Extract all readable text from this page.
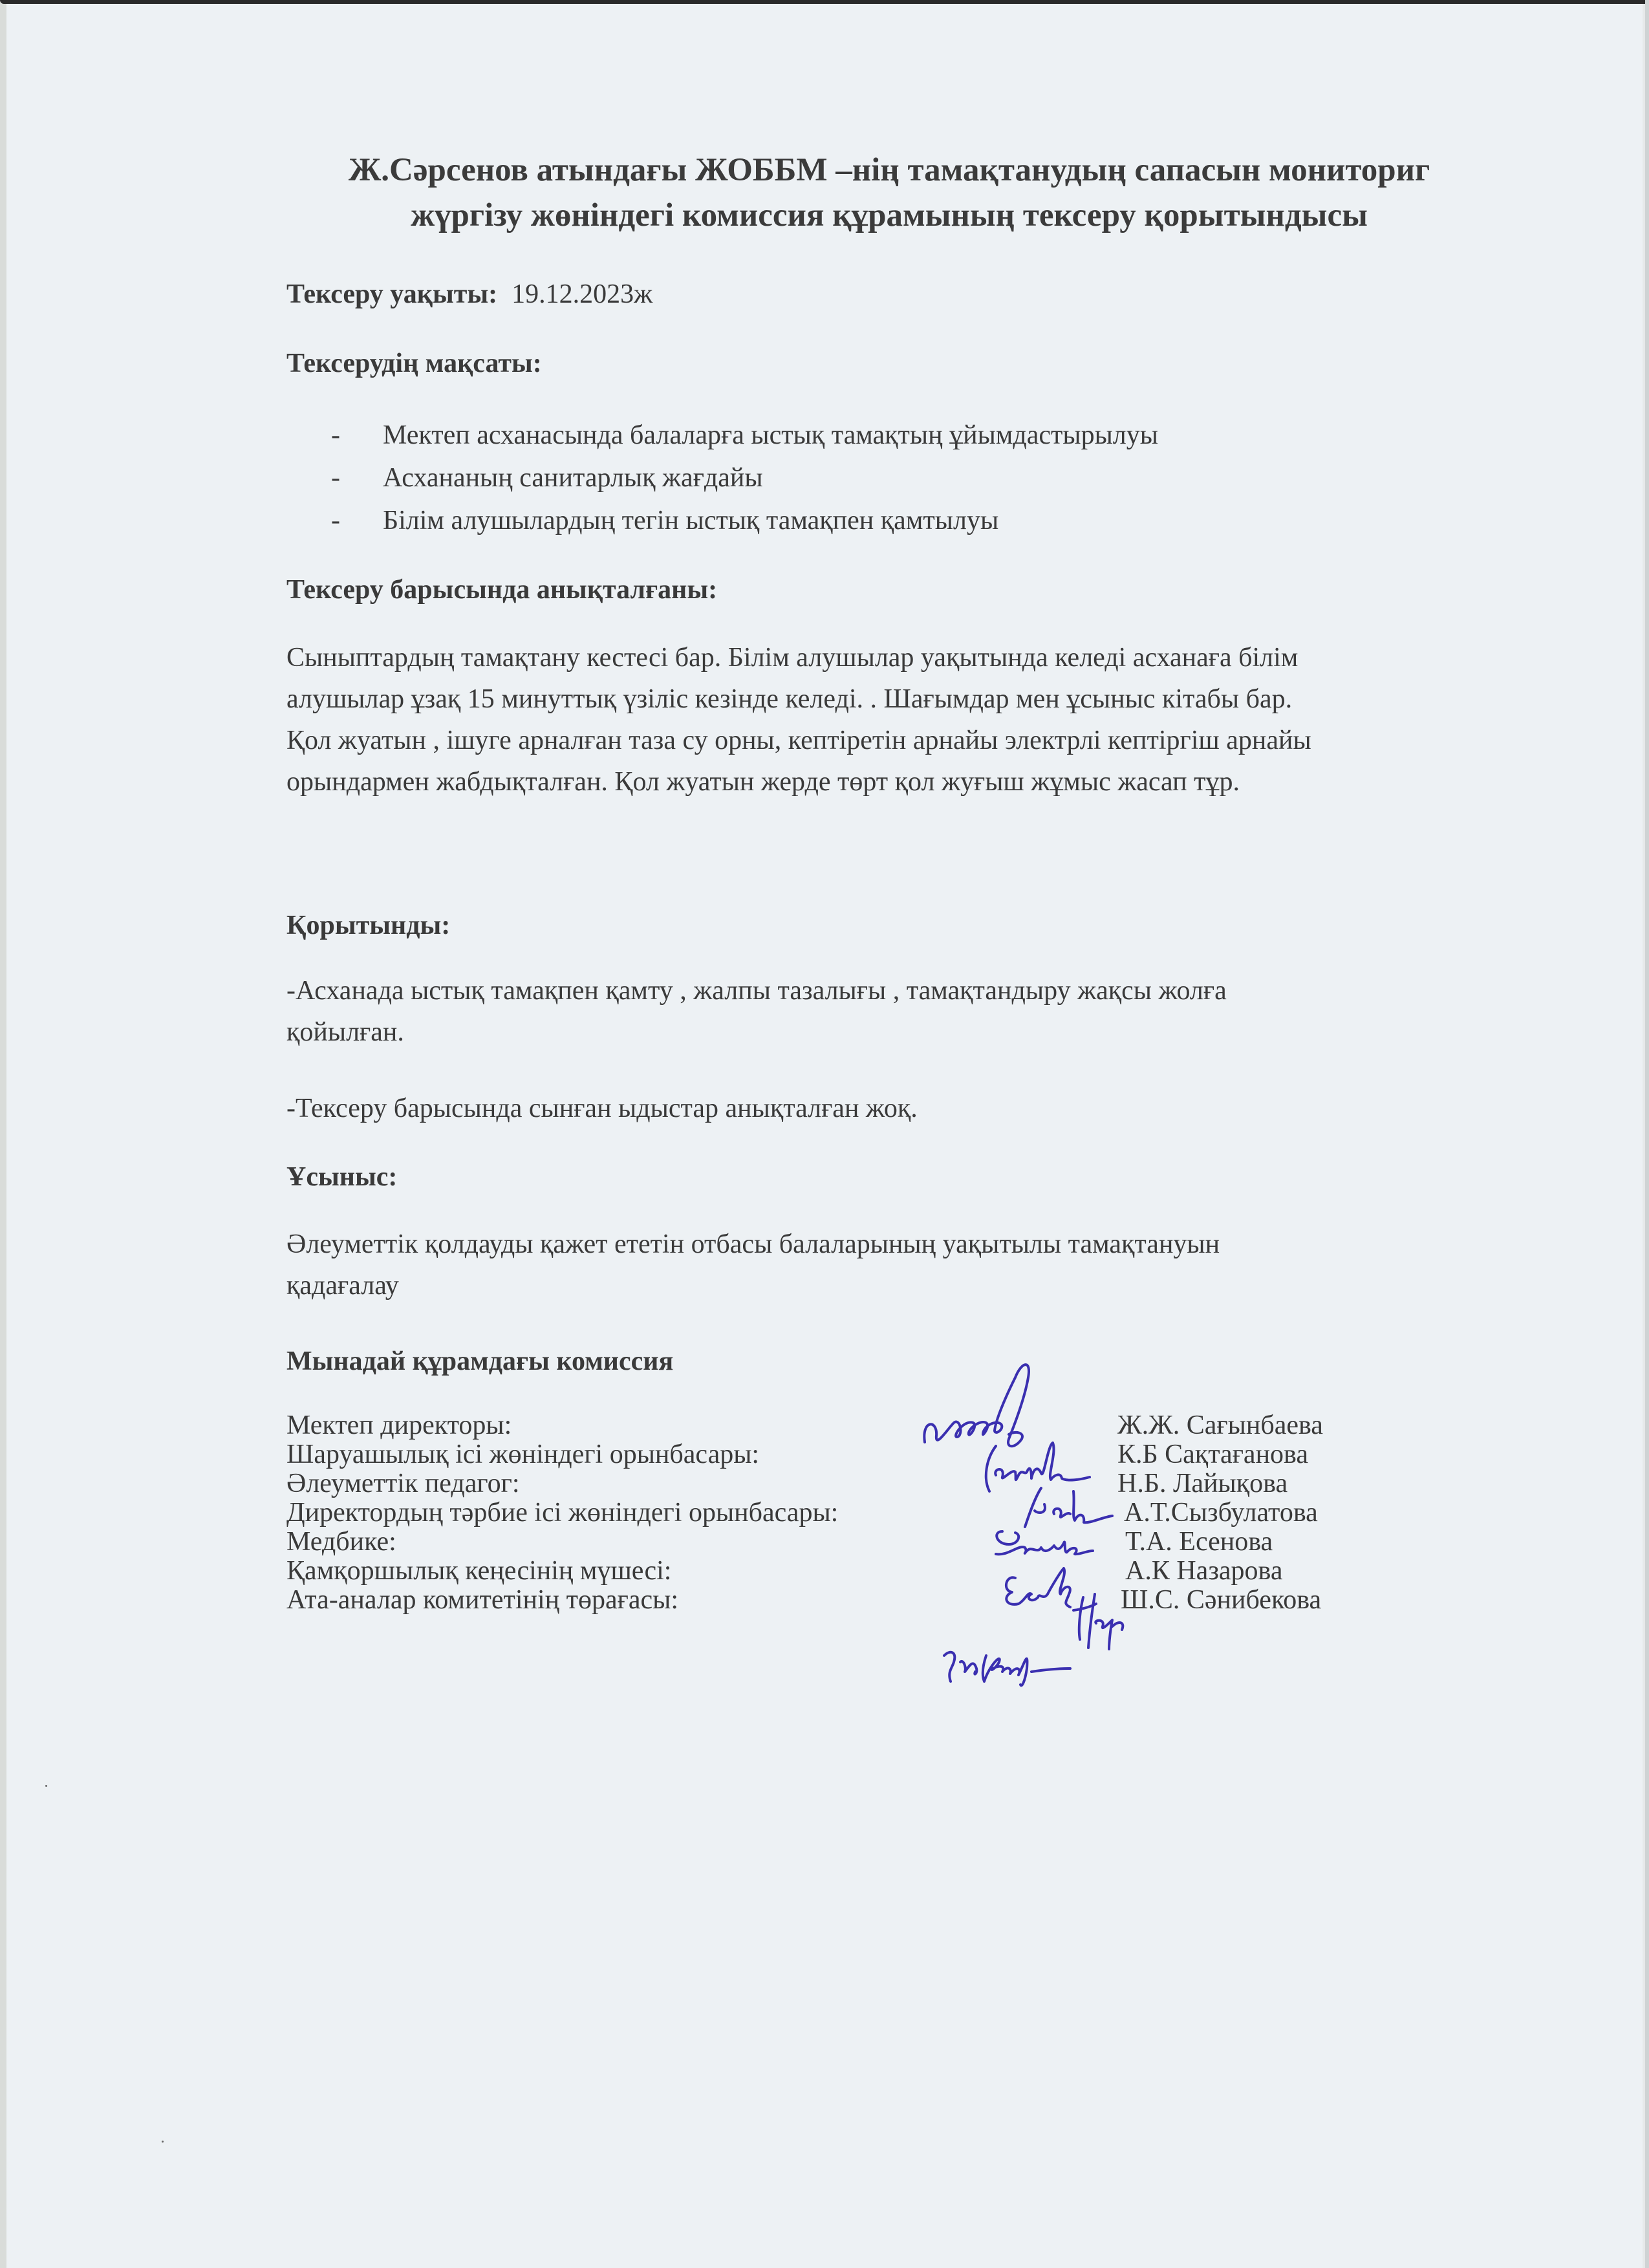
Ж.Сәрсенов атындағы ЖОББМ –нің тамақтанудың сапасын мониториг
жүргізу жөніндегі комиссия құрамының тексеру қорытындысы
Тексеру уақыты: 19.12.2023ж
Тексерудің мақсаты:
- Мектеп асханасында балаларға ыстық тамақтың ұйымдастырылуы
- Асхананың санитарлық жағдайы
- Білім алушылардың тегін ыстық тамақпен қамтылуы
Тексеру барысында анықталғаны:
Сыныптардың тамақтану кестесі бар. Білім алушылар уақытында келеді асханаға білім
алушылар ұзақ 15 минуттық үзіліс кезінде келеді. . Шағымдар мен ұсыныс кітабы бар.
Қол жуатын , ішуге арналған таза су орны, кептіретін арнайы электрлі кептіргіш арнайы
орындармен жабдықталған. Қол жуатын жерде төрт қол жуғыш жұмыс жасап тұр.
Қорытынды:
-Асханада ыстық тамақпен қамту , жалпы тазалығы , тамақтандыру жақсы жолға
қойылған.
-Тексеру барысында сынған ыдыстар анықталған жоқ.
Ұсыныс:
Әлеуметтік қолдауды қажет ететін отбасы балаларының уақытылы тамақтануын
қадағалау
Мынадай құрамдағы комиссия
Мектеп директоры:	Ж.Ж. Сағынбаева
Шаруашылық ісі жөніндегі орынбасары:	К.Б Сақтағанова
Әлеуметтік педагог:	Н.Б. Лайықова
Директордың тәрбие ісі жөніндегі орынбасары:	А.Т.Сызбулатова
Медбике:	Т.А. Есенова
Қамқоршылық кеңесінің мүшесі:	А.К Назарова
Ата-аналар комитетінің төрағасы:	Ш.С. Сәнибекова
